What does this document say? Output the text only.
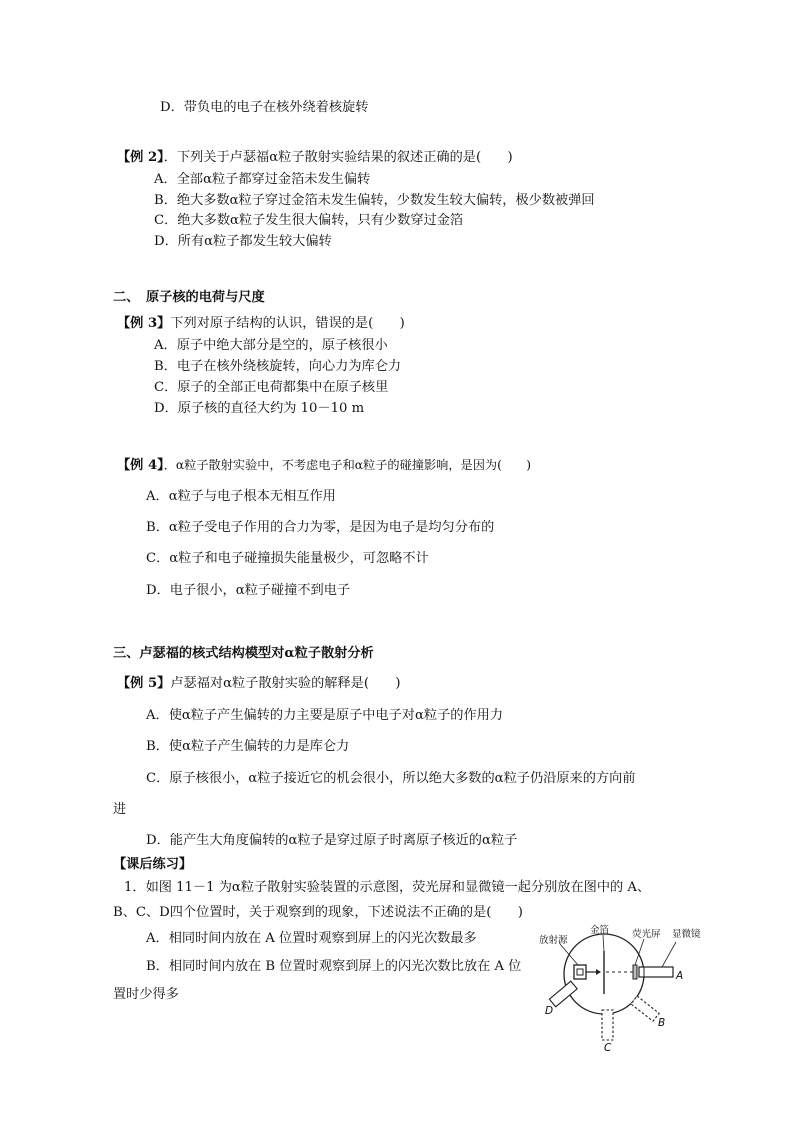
D．带负电的电子在核外绕着核旋转
【例 2】．下列关于卢瑟福α粒子散射实验结果的叙述正确的是(　　)
A．全部α粒子都穿过金箔未发生偏转
B．绝大多数α粒子穿过金箔未发生偏转，少数发生较大偏转，极少数被弹回
C．绝大多数α粒子发生很大偏转，只有少数穿过金箔
D．所有α粒子都发生较大偏转
二、　原子核的电荷与尺度
【例 3】下列对原子结构的认识，错误的是(　　)
A．原子中绝大部分是空的，原子核很小
B．电子在核外绕核旋转，向心力为库仑力
C．原子的全部正电荷都集中在原子核里
D．原子核的直径大约为 10－10 m
【例 4】．α粒子散射实验中，不考虑电子和α粒子的碰撞影响，是因为(　　)
A．α粒子与电子根本无相互作用
B．α粒子受电子作用的合力为零，是因为电子是均匀分布的
C．α粒子和电子碰撞损失能量极少，可忽略不计
D．电子很小，α粒子碰撞不到电子
三、卢瑟福的核式结构模型对α粒子散射分析
【例 5】卢瑟福对α粒子散射实验的解释是(　　)
A．使α粒子产生偏转的力主要是原子中电子对α粒子的作用力
B．使α粒子产生偏转的力是库仑力
C．原子核很小，α粒子接近它的机会很小，所以绝大多数的α粒子仍沿原来的方向前
进
D．能产生大角度偏转的α粒子是穿过原子时离原子核近的α粒子
【课后练习】
1．如图 11－1 为α粒子散射实验装置的示意图，荧光屏和显微镜一起分别放在图中的 A、
B、C、D四个位置时，关于观察到的现象，下述说法不正确的是(　　)
A．相同时间内放在 A 位置时观察到屏上的闪光次数最多
B．相同时间内放在 B 位置时观察到屏上的闪光次数比放在 A 位
置时少得多
放射源
金箔 荧光屏 显微镜
A
B
C
D
